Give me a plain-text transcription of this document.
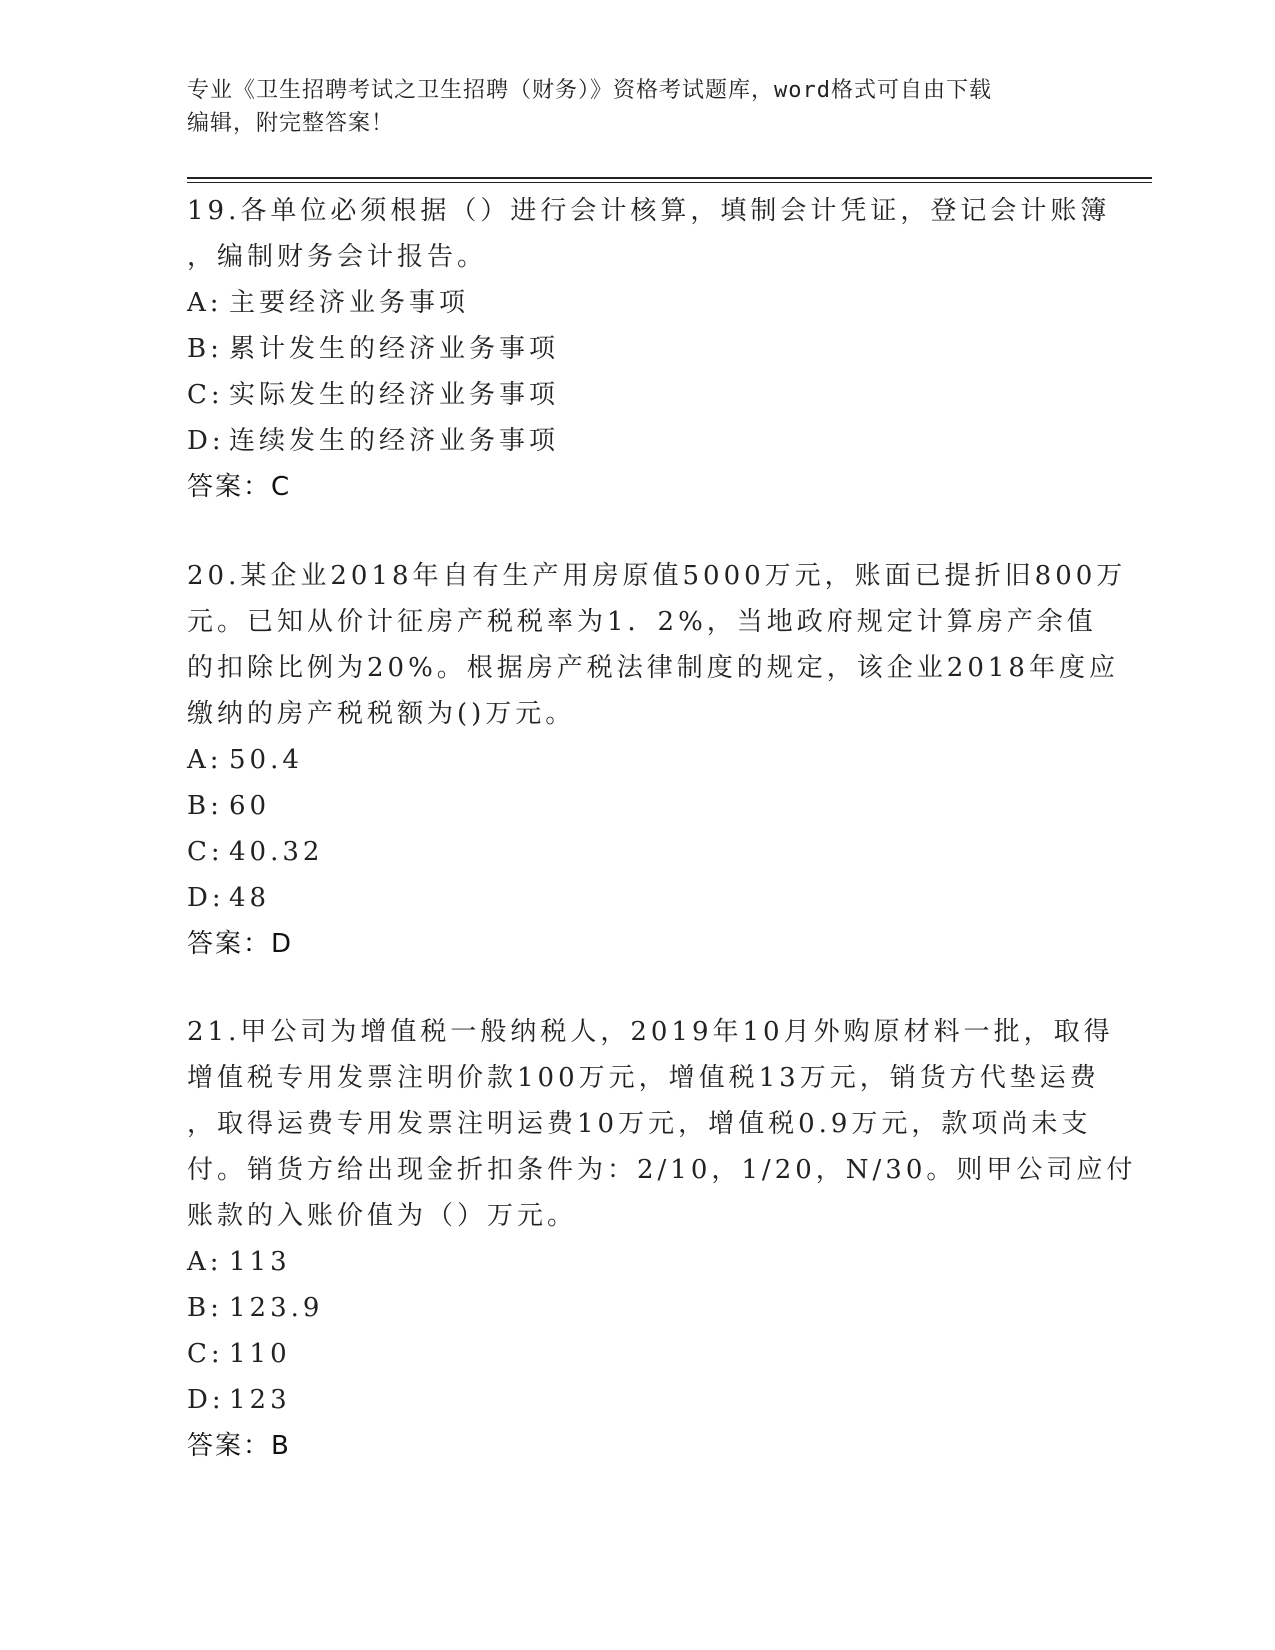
专业《卫生招聘考试之卫生招聘（财务）》资格考试题库，word格式可自由下载
编辑，附完整答案！
19.各单位必须根据（）进行会计核算，填制会计凭证，登记会计账簿
，编制财务会计报告。
A: 主要经济业务事项
B: 累计发生的经济业务事项
C: 实际发生的经济业务事项
D: 连续发生的经济业务事项
答案：C
20.某企业2018年自有生产用房原值5000万元，账面已提折旧800万
元。已知从价计征房产税税率为1．2%，当地政府规定计算房产余值
的扣除比例为20%。根据房产税法律制度的规定，该企业2018年度应
缴纳的房产税税额为()万元。
A: 50.4
B: 60
C: 40.32
D: 48
答案：D
21.甲公司为增值税一般纳税人，2019年10月外购原材料一批，取得
增值税专用发票注明价款100万元，增值税13万元，销货方代垫运费
，取得运费专用发票注明运费10万元，增值税0.9万元，款项尚未支
付。销货方给出现金折扣条件为：2/10，1/20，N/30。则甲公司应付
账款的入账价值为（）万元。
A: 113
B: 123.9
C: 110
D: 123
答案：B
